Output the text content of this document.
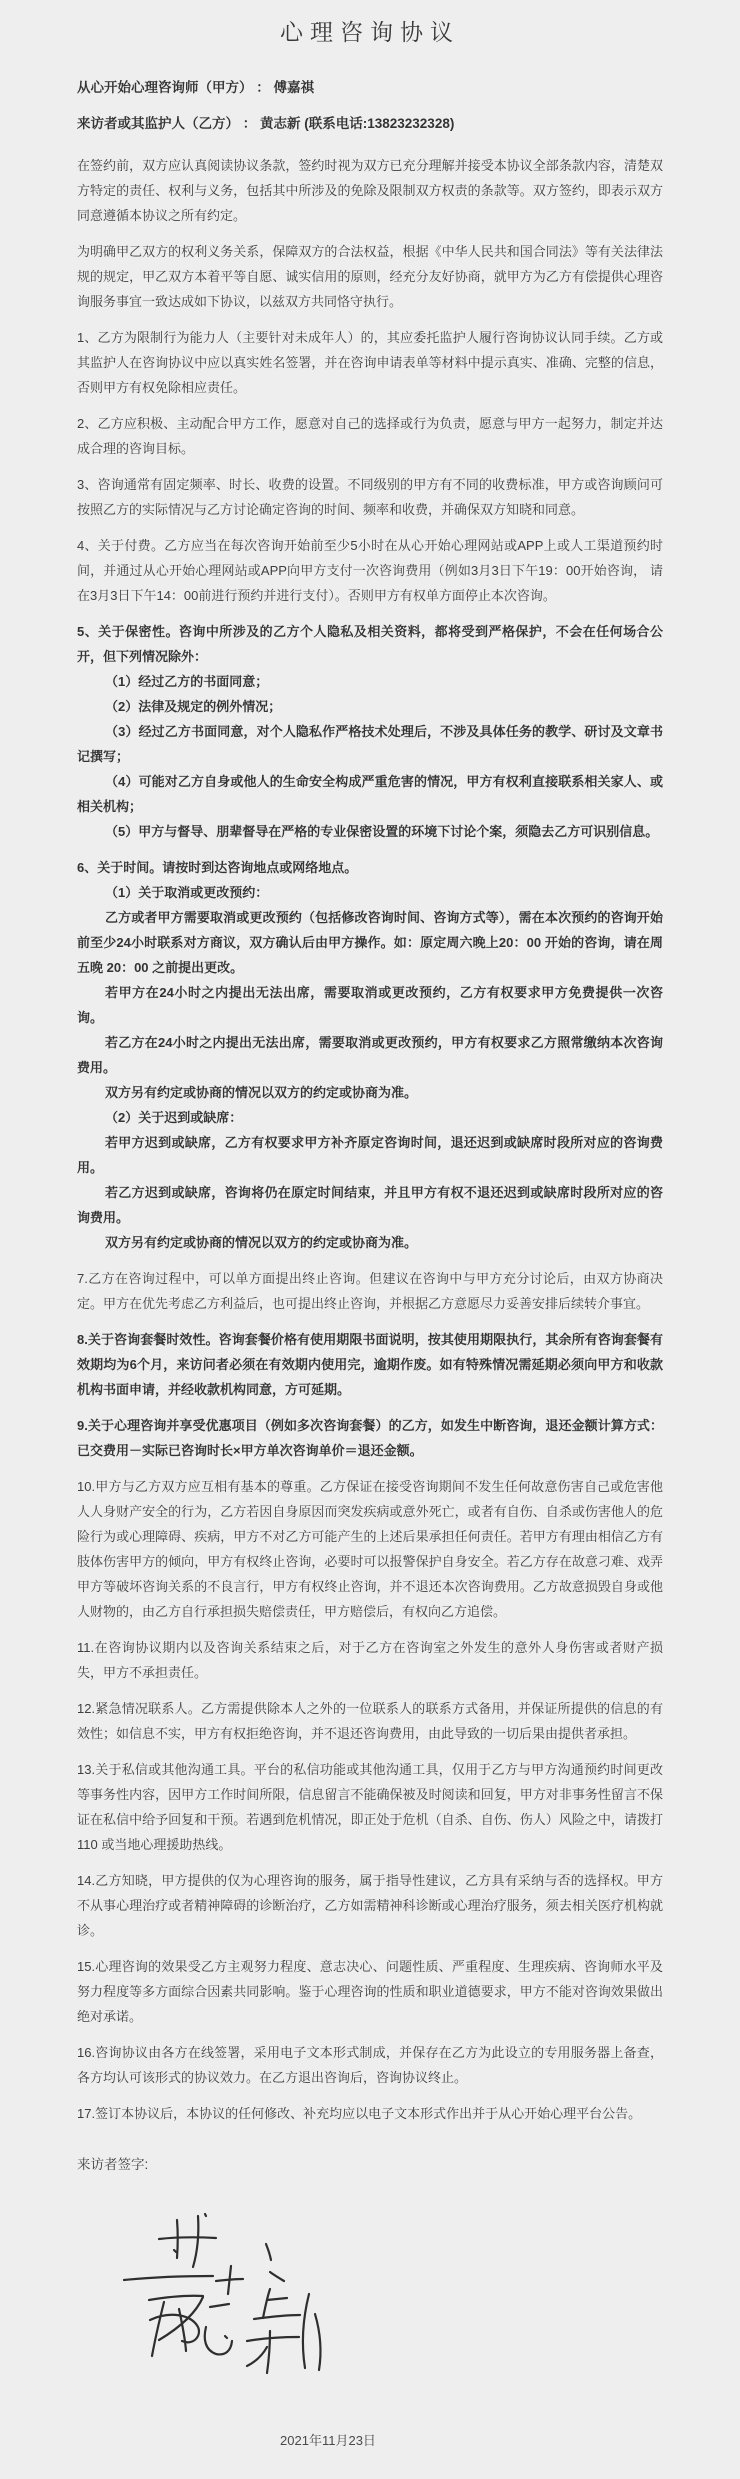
心理咨询协议

从心开始心理咨询师（甲方） ： 傅嘉祺

来访者或其监护人（乙方） ： 黄志新 (联系电话:13823232328)

在签约前，双方应认真阅读协议条款，签约时视为双方已充分理解并接受本协议全部条款内容，清楚双方特定的责任、权利与义务，包括其中所涉及的免除及限制双方权责的条款等。双方签约，即表示双方同意遵循本协议之所有约定。

为明确甲乙双方的权利义务关系，保障双方的合法权益，根据《中华人民共和国合同法》等有关法律法规的规定，甲乙双方本着平等自愿、诚实信用的原则，经充分友好协商，就甲方为乙方有偿提供心理咨询服务事宜一致达成如下协议，以兹双方共同恪守执行。

1、乙方为限制行为能力人（主要针对未成年人）的，其应委托监护人履行咨询协议认同手续。乙方或其监护人在咨询协议中应以真实姓名签署，并在咨询申请表单等材料中提示真实、准确、完整的信息，否则甲方有权免除相应责任。

2、乙方应积极、主动配合甲方工作，愿意对自己的选择或行为负责，愿意与甲方一起努力，制定并达成合理的咨询目标。

3、咨询通常有固定频率、时长、收费的设置。不同级别的甲方有不同的收费标准，甲方或咨询顾问可按照乙方的实际情况与乙方讨论确定咨询的时间、频率和收费，并确保双方知晓和同意。

4、关于付费。乙方应当在每次咨询开始前至少5小时在从心开始心理网站或APP上或人工渠道预约时间，并通过从心开始心理网站或APP向甲方支付一次咨询费用（例如3月3日下午19：00开始咨询， 请在3月3日下午14：00前进行预约并进行支付）。否则甲方有权单方面停止本次咨询。

5、关于保密性。咨询中所涉及的乙方个人隐私及相关资料，都将受到严格保护，不会在任何场合公开，但下列情况除外：

（1）经过乙方的书面同意；

（2）法律及规定的例外情况；

（3）经过乙方书面同意，对个人隐私作严格技术处理后，不涉及具体任务的教学、研讨及文章书记撰写；

（4）可能对乙方自身或他人的生命安全构成严重危害的情况，甲方有权利直接联系相关家人、或相关机构；

（5）甲方与督导、朋辈督导在严格的专业保密设置的环境下讨论个案，须隐去乙方可识别信息。

6、关于时间。请按时到达咨询地点或网络地点。

（1）关于取消或更改预约：

乙方或者甲方需要取消或更改预约（包括修改咨询时间、咨询方式等），需在本次预约的咨询开始前至少24小时联系对方商议，双方确认后由甲方操作。如：原定周六晚上20：00 开始的咨询，请在周五晚 20：00 之前提出更改。

若甲方在24小时之内提出无法出席，需要取消或更改预约，乙方有权要求甲方免费提供一次咨询。

若乙方在24小时之内提出无法出席，需要取消或更改预约，甲方有权要求乙方照常缴纳本次咨询费用。

双方另有约定或协商的情况以双方的约定或协商为准。

（2）关于迟到或缺席：

若甲方迟到或缺席，乙方有权要求甲方补齐原定咨询时间，退还迟到或缺席时段所对应的咨询费用。

若乙方迟到或缺席，咨询将仍在原定时间结束，并且甲方有权不退还迟到或缺席时段所对应的咨询费用。

双方另有约定或协商的情况以双方的约定或协商为准。

7.乙方在咨询过程中，可以单方面提出终止咨询。但建议在咨询中与甲方充分讨论后，由双方协商决定。甲方在优先考虑乙方利益后，也可提出终止咨询，并根据乙方意愿尽力妥善安排后续转介事宜。

8.关于咨询套餐时效性。咨询套餐价格有使用期限书面说明，按其使用期限执行，其余所有咨询套餐有效期均为6个月，来访问者必须在有效期内使用完，逾期作废。如有特殊情况需延期必须向甲方和收款机构书面申请，并经收款机构同意，方可延期。

9.关于心理咨询并享受优惠项目（例如多次咨询套餐）的乙方，如发生中断咨询，退还金额计算方式：已交费用－实际已咨询时长×甲方单次咨询单价＝退还金额。

10.甲方与乙方双方应互相有基本的尊重。乙方保证在接受咨询期间不发生任何故意伤害自己或危害他人人身财产安全的行为，乙方若因自身原因而突发疾病或意外死亡，或者有自伤、自杀或伤害他人的危险行为或心理障碍、疾病，甲方不对乙方可能产生的上述后果承担任何责任。若甲方有理由相信乙方有肢体伤害甲方的倾向，甲方有权终止咨询，必要时可以报警保护自身安全。若乙方存在故意刁难、戏弄甲方等破坏咨询关系的不良言行，甲方有权终止咨询，并不退还本次咨询费用。乙方故意损毁自身或他人财物的，由乙方自行承担损失赔偿责任，甲方赔偿后，有权向乙方追偿。

11.在咨询协议期内以及咨询关系结束之后，对于乙方在咨询室之外发生的意外人身伤害或者财产损失，甲方不承担责任。

12.紧急情况联系人。乙方需提供除本人之外的一位联系人的联系方式备用，并保证所提供的信息的有效性；如信息不实，甲方有权拒绝咨询，并不退还咨询费用，由此导致的一切后果由提供者承担。

13.关于私信或其他沟通工具。平台的私信功能或其他沟通工具，仅用于乙方与甲方沟通预约时间更改等事务性内容，因甲方工作时间所限，信息留言不能确保被及时阅读和回复，甲方对非事务性留言不保证在私信中给予回复和干预。若遇到危机情况，即正处于危机（自杀、自伤、伤人）风险之中，请拨打 110 或当地心理援助热线。

14.乙方知晓，甲方提供的仅为心理咨询的服务，属于指导性建议，乙方具有采纳与否的选择权。甲方不从事心理治疗或者精神障碍的诊断治疗，乙方如需精神科诊断或心理治疗服务，须去相关医疗机构就诊。

15.心理咨询的效果受乙方主观努力程度、意志决心、问题性质、严重程度、生理疾病、咨询师水平及努力程度等多方面综合因素共同影响。鉴于心理咨询的性质和职业道德要求，甲方不能对咨询效果做出绝对承诺。

16.咨询协议由各方在线签署，采用电子文本形式制成，并保存在乙方为此设立的专用服务器上备查，各方均认可该形式的协议效力。在乙方退出咨询后，咨询协议终止。

17.签订本协议后，本协议的任何修改、补充均应以电子文本形式作出并于从心开始心理平台公告。

来访者签字:

2021年11月23日
